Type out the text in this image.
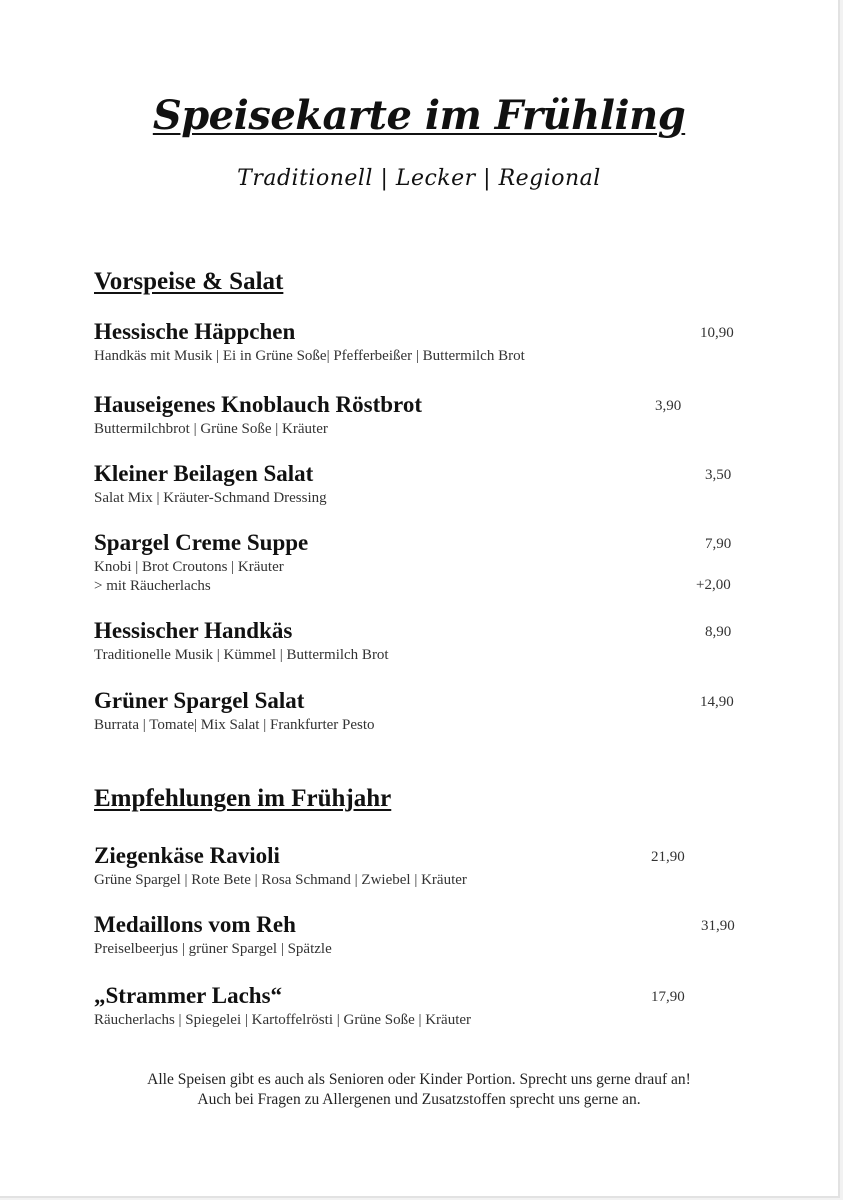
Speisekarte im Frühling
Traditionell | Lecker | Regional
Vorspeise & Salat
Hessische Häppchen
Handkäs mit Musik | Ei in Grüne Soße| Pfefferbeißer | Buttermilch Brot
10,90
Hauseigenes Knoblauch Röstbrot
Buttermilchbrot | Grüne Soße | Kräuter
3,90
Kleiner Beilagen Salat
Salat Mix | Kräuter-Schmand Dressing
3,50
Spargel Creme Suppe
Knobi | Brot Croutons | Kräuter
7,90
> mit Räucherlachs	+2,00
Hessischer Handkäs
Traditionelle Musik | Kümmel | Buttermilch Brot
8,90
Grüner Spargel Salat
Burrata | Tomate| Mix Salat | Frankfurter Pesto
14,90
Empfehlungen im Frühjahr
Ziegenkäse Ravioli
Grüne Spargel | Rote Bete | Rosa Schmand | Zwiebel | Kräuter
21,90
Medaillons vom Reh
Preiselbeerjus | grüner Spargel | Spätzle
31,90
„Strammer Lachs“
Räucherlachs | Spiegelei | Kartoffelrösti | Grüne Soße | Kräuter
17,90
Alle Speisen gibt es auch als Senioren oder Kinder Portion. Sprecht uns gerne drauf an!
Auch bei Fragen zu Allergenen und Zusatzstoffen sprecht uns gerne an.
